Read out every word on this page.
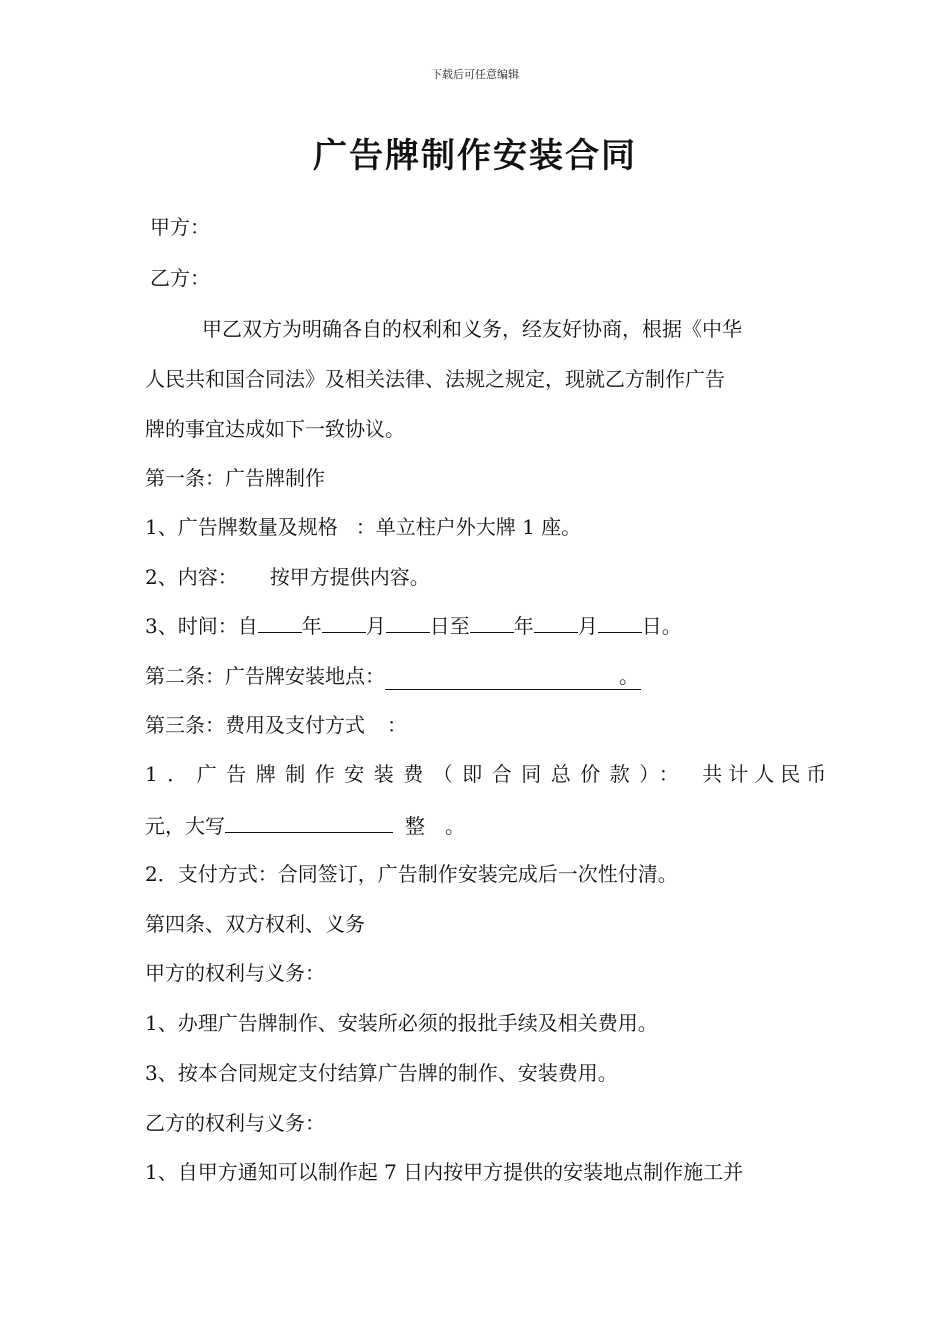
下载后可任意编辑
广告牌制作安装合同
甲方：
乙方：
甲乙双方为明确各自的权利和义务，经友好协商，根据《中华
人民共和国合同法》及相关法律、法规之规定，现就乙方制作广告
牌的事宜达成如下一致协议。
第一条：广告牌制作
1、广告牌数量及规格 ：单立柱户外大牌 1 座。
2、内容： 按甲方提供内容。
3、时间：自 年 月 日至 年 月 日。
第二条：广告牌安装地点：	。
第三条：费用及支付方式 ：
1．广告牌制作安装费（即合同总价款）： 共计人民币
元，大写	整 。
2．支付方式：合同签订，广告制作安装完成后一次性付清。
第四条、双方权利、义务
甲方的权利与义务：
1、办理广告牌制作、安装所必须的报批手续及相关费用。
3、按本合同规定支付结算广告牌的制作、安装费用。
乙方的权利与义务：
1、自甲方通知可以制作起 7 日内按甲方提供的安装地点制作施工并
